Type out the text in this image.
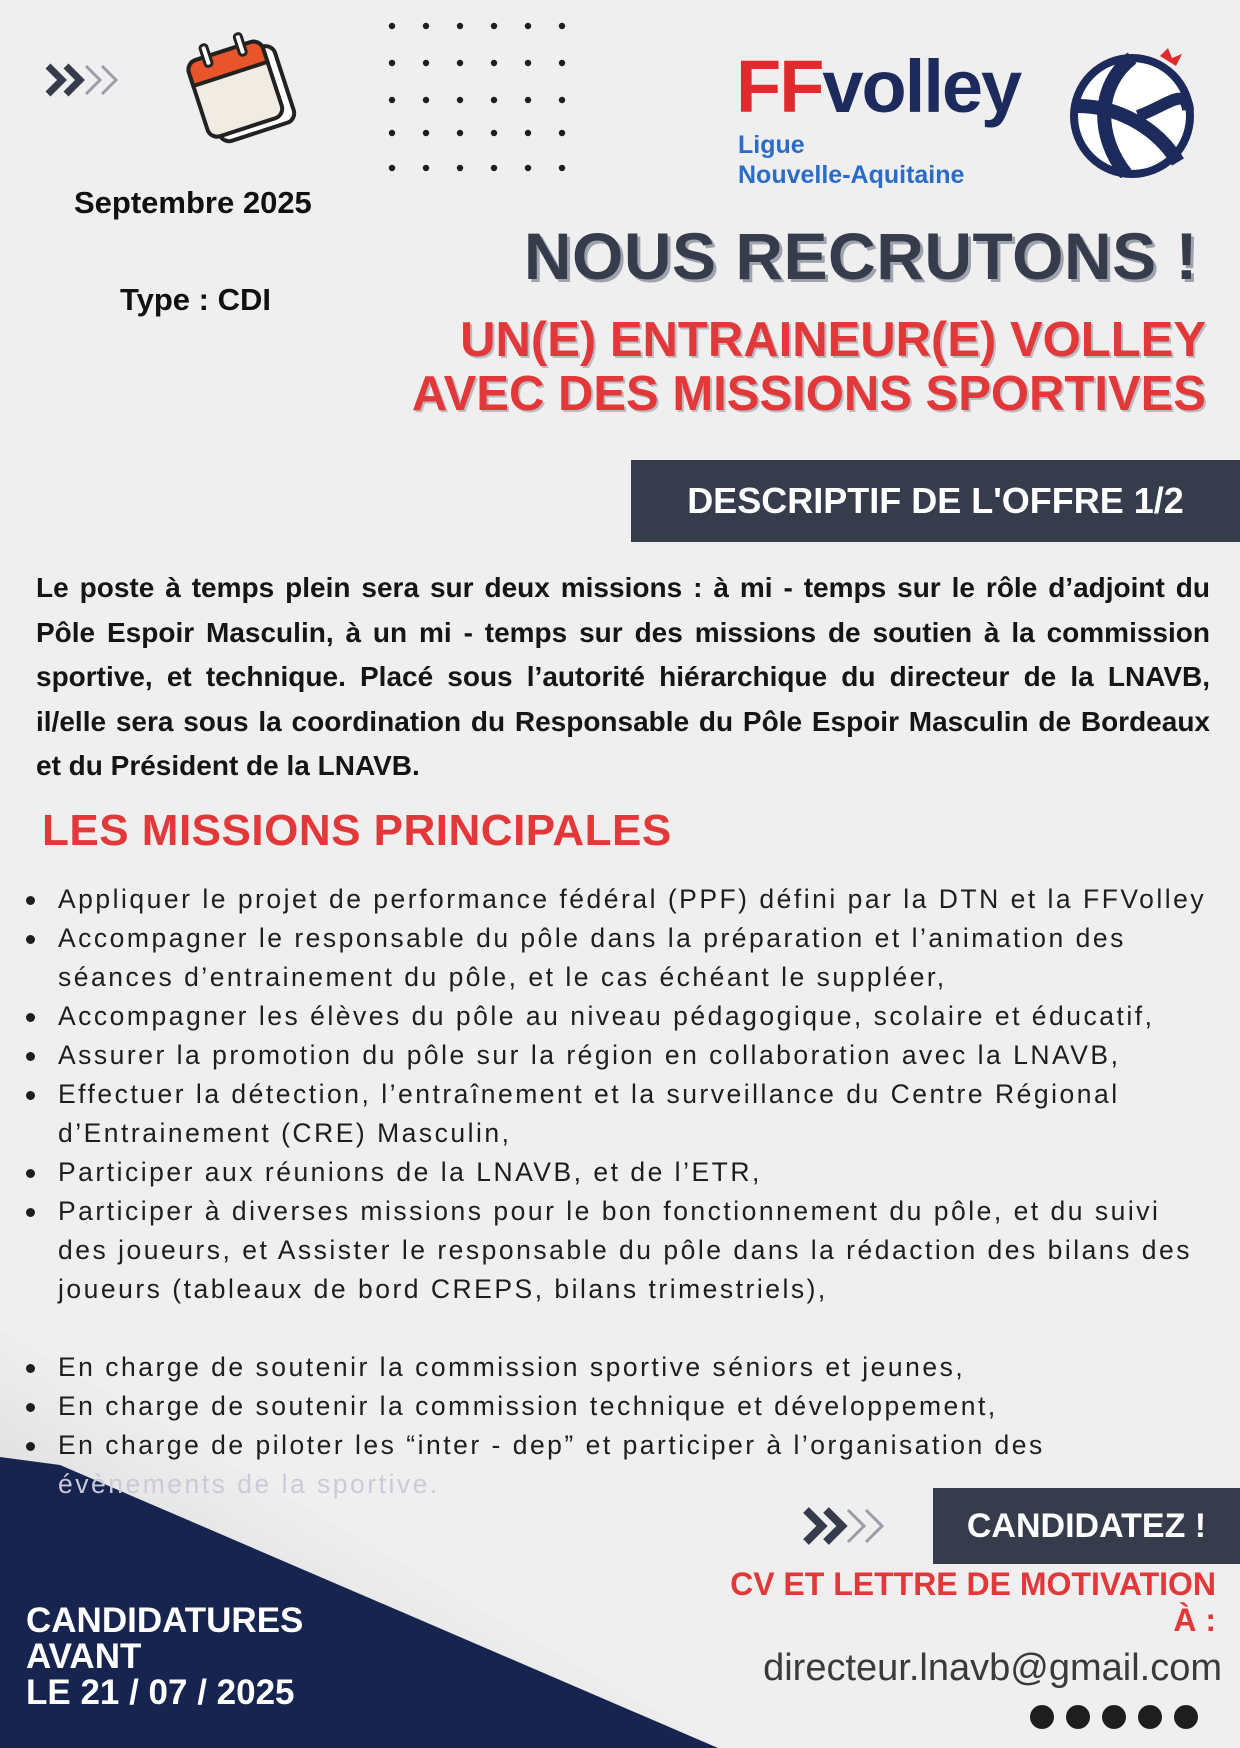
FFvolley
Ligue
Nouvelle-Aquitaine
Septembre 2025
Type : CDI
NOUS RECRUTONS !
UN(E) ENTRAINEUR(E) VOLLEY
AVEC DES MISSIONS SPORTIVES
DESCRIPTIF DE L'OFFRE 1/2
Le poste à temps plein sera sur deux missions : à mi - temps sur le rôle d’adjoint du Pôle Espoir Masculin, à un mi - temps sur des missions de soutien à la commission sportive, et technique. Placé sous l’autorité hiérarchique du directeur de la LNAVB, il/elle sera sous la coordination du Responsable du Pôle Espoir Masculin de Bordeaux et du Président de la LNAVB.
LES MISSIONS PRINCIPALES
Appliquer le projet de performance fédéral (PPF) défini par la DTN et la FFVolley
Accompagner le responsable du pôle dans la préparation et l’animation des
séances d’entrainement du pôle, et le cas échéant le suppléer,
Accompagner les élèves du pôle au niveau pédagogique, scolaire et éducatif,
Assurer la promotion du pôle sur la région en collaboration avec la LNAVB,
Effectuer la détection, l’entraînement et la surveillance du Centre Régional
d’Entrainement (CRE) Masculin,
Participer aux réunions de la LNAVB, et de l’ETR,
Participer à diverses missions pour le bon fonctionnement du pôle, et du suivi
des joueurs, et Assister le responsable du pôle dans la rédaction des bilans des
joueurs (tableaux de bord CREPS, bilans trimestriels),
En charge de soutenir la commission sportive séniors et jeunes,
En charge de soutenir la commission technique et développement,
En charge de piloter les “inter - dep” et participer à l’organisation des
évènements de la sportive.
CANDIDATEZ !
CV ET LETTRE DE MOTIVATION
À :
directeur.lnavb@gmail.com
CANDIDATURES
AVANT
LE 21 / 07 / 2025
